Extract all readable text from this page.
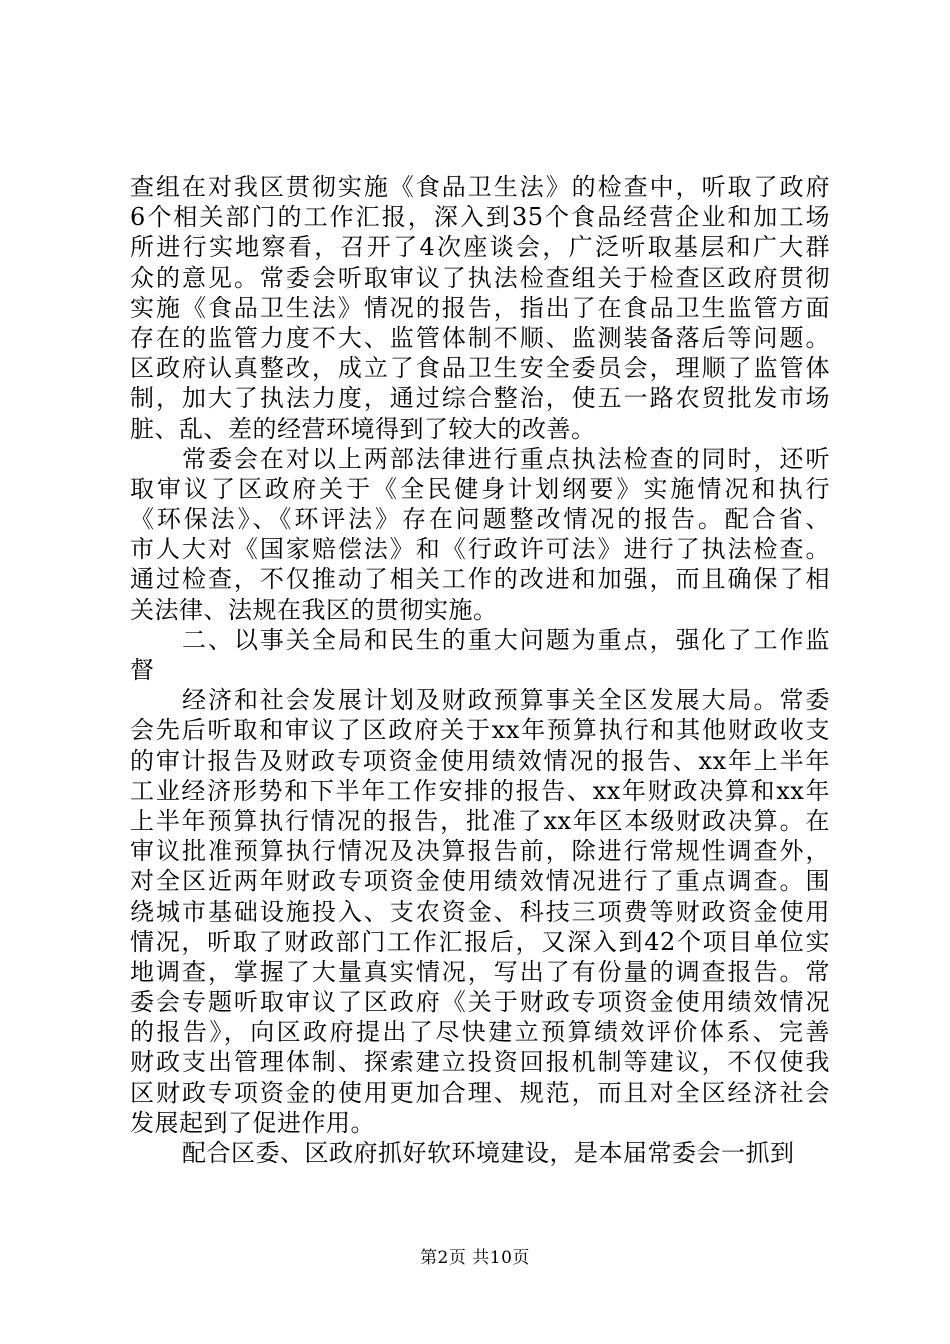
查组在对我区贯彻实施《食品卫生法》的检查中，听取了政府
6个相关部门的工作汇报，深入到35个食品经营企业和加工场
所进行实地察看，召开了4次座谈会，广泛听取基层和广大群
众的意见。常委会听取审议了执法检查组关于检查区政府贯彻
实施《食品卫生法》情况的报告，指出了在食品卫生监管方面
存在的监管力度不大、监管体制不顺、监测装备落后等问题。
区政府认真整改，成立了食品卫生安全委员会，理顺了监管体
制，加大了执法力度，通过综合整治，使五一路农贸批发市场
脏、乱、差的经营环境得到了较大的改善。
常委会在对以上两部法律进行重点执法检查的同时，还听
取审议了区政府关于《全民健身计划纲要》实施情况和执行
《环保法》、《环评法》存在问题整改情况的报告。配合省、
市人大对《国家赔偿法》和《行政许可法》进行了执法检查。
通过检查，不仅推动了相关工作的改进和加强，而且确保了相
关法律、法规在我区的贯彻实施。
二、以事关全局和民生的重大问题为重点，强化了工作监
督
经济和社会发展计划及财政预算事关全区发展大局。常委
会先后听取和审议了区政府关于xx年预算执行和其他财政收支
的审计报告及财政专项资金使用绩效情况的报告、xx年上半年
工业经济形势和下半年工作安排的报告、xx年财政决算和xx年
上半年预算执行情况的报告，批准了xx年区本级财政决算。在
审议批准预算执行情况及决算报告前，除进行常规性调查外，
对全区近两年财政专项资金使用绩效情况进行了重点调查。围
绕城市基础设施投入、支农资金、科技三项费等财政资金使用
情况，听取了财政部门工作汇报后，又深入到42个项目单位实
地调查，掌握了大量真实情况，写出了有份量的调查报告。常
委会专题听取审议了区政府《关于财政专项资金使用绩效情况
的报告》，向区政府提出了尽快建立预算绩效评价体系、完善
财政支出管理体制、探索建立投资回报机制等建议，不仅使我
区财政专项资金的使用更加合理、规范，而且对全区经济社会
发展起到了促进作用。
配合区委、区政府抓好软环境建设，是本届常委会一抓到
第2页 共10页
